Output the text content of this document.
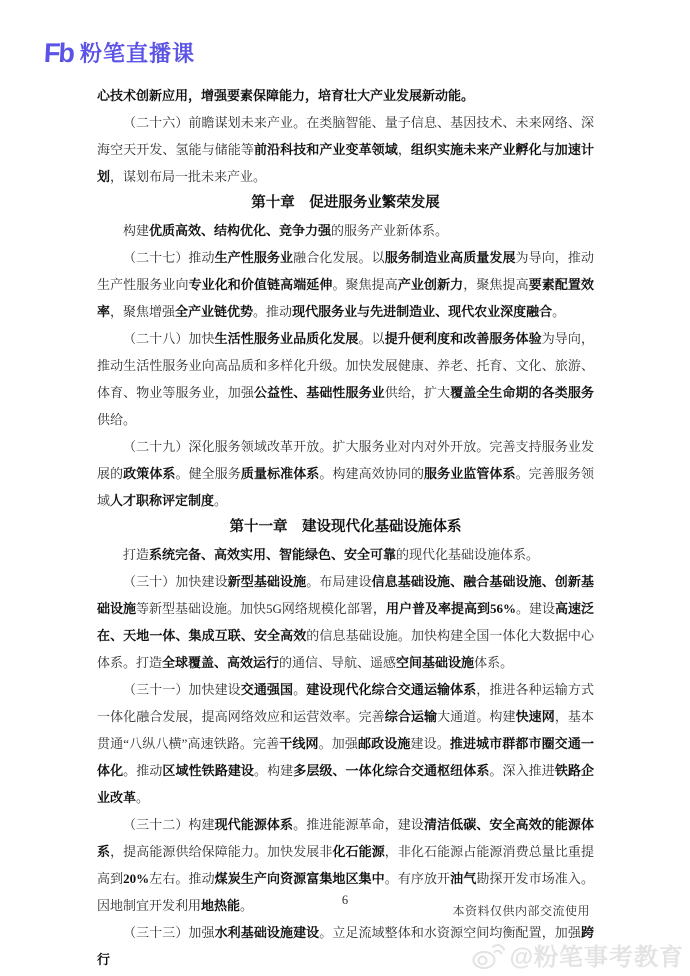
Fb 粉笔直播课

心技术创新应用，增强要素保障能力，培育壮大产业发展新动能。

（二十六）前瞻谋划未来产业。在类脑智能、量子信息、基因技术、未来网络、深海空天开发、氢能与储能等前沿科技和产业变革领域，组织实施未来产业孵化与加速计划，谋划布局一批未来产业。

第十章　促进服务业繁荣发展

构建优质高效、结构优化、竞争力强的服务产业新体系。

（二十七）推动生产性服务业融合化发展。以服务制造业高质量发展为导向，推动生产性服务业向专业化和价值链高端延伸。聚焦提高产业创新力，聚焦提高要素配置效率，聚焦增强全产业链优势。推动现代服务业与先进制造业、现代农业深度融合。

（二十八）加快生活性服务业品质化发展。以提升便利度和改善服务体验为导向，推动生活性服务业向高品质和多样化升级。加快发展健康、养老、托育、文化、旅游、体育、物业等服务业，加强公益性、基础性服务业供给，扩大覆盖全生命期的各类服务供给。

（二十九）深化服务领域改革开放。扩大服务业对内对外开放。完善支持服务业发展的政策体系。健全服务质量标准体系。构建高效协同的服务业监管体系。完善服务领域人才职称评定制度。

第十一章　建设现代化基础设施体系

打造系统完备、高效实用、智能绿色、安全可靠的现代化基础设施体系。

（三十）加快建设新型基础设施。布局建设信息基础设施、融合基础设施、创新基础设施等新型基础设施。加快5G网络规模化部署，用户普及率提高到56%。建设高速泛在、天地一体、集成互联、安全高效的信息基础设施。加快构建全国一体化大数据中心体系。打造全球覆盖、高效运行的通信、导航、遥感空间基础设施体系。

（三十一）加快建设交通强国。建设现代化综合交通运输体系，推进各种运输方式一体化融合发展，提高网络效应和运营效率。完善综合运输大通道。构建快速网，基本贯通“八纵八横”高速铁路。完善干线网。加强邮政设施建设。推进城市群都市圈交通一体化。推动区域性铁路建设。构建多层级、一体化综合交通枢纽体系。深入推进铁路企业改革。

（三十二）构建现代能源体系。推进能源革命，建设清洁低碳、安全高效的能源体系，提高能源供给保障能力。加快发展非化石能源，非化石能源占能源消费总量比重提高到20%左右。推动煤炭生产向资源富集地区集中。有序放开油气勘探开发市场准入。因地制宜开发利用地热能。

（三十三）加强水利基础设施建设。立足流域整体和水资源空间均衡配置，加强跨行

6
本资料仅供内部交流使用
@粉笔事考教育
